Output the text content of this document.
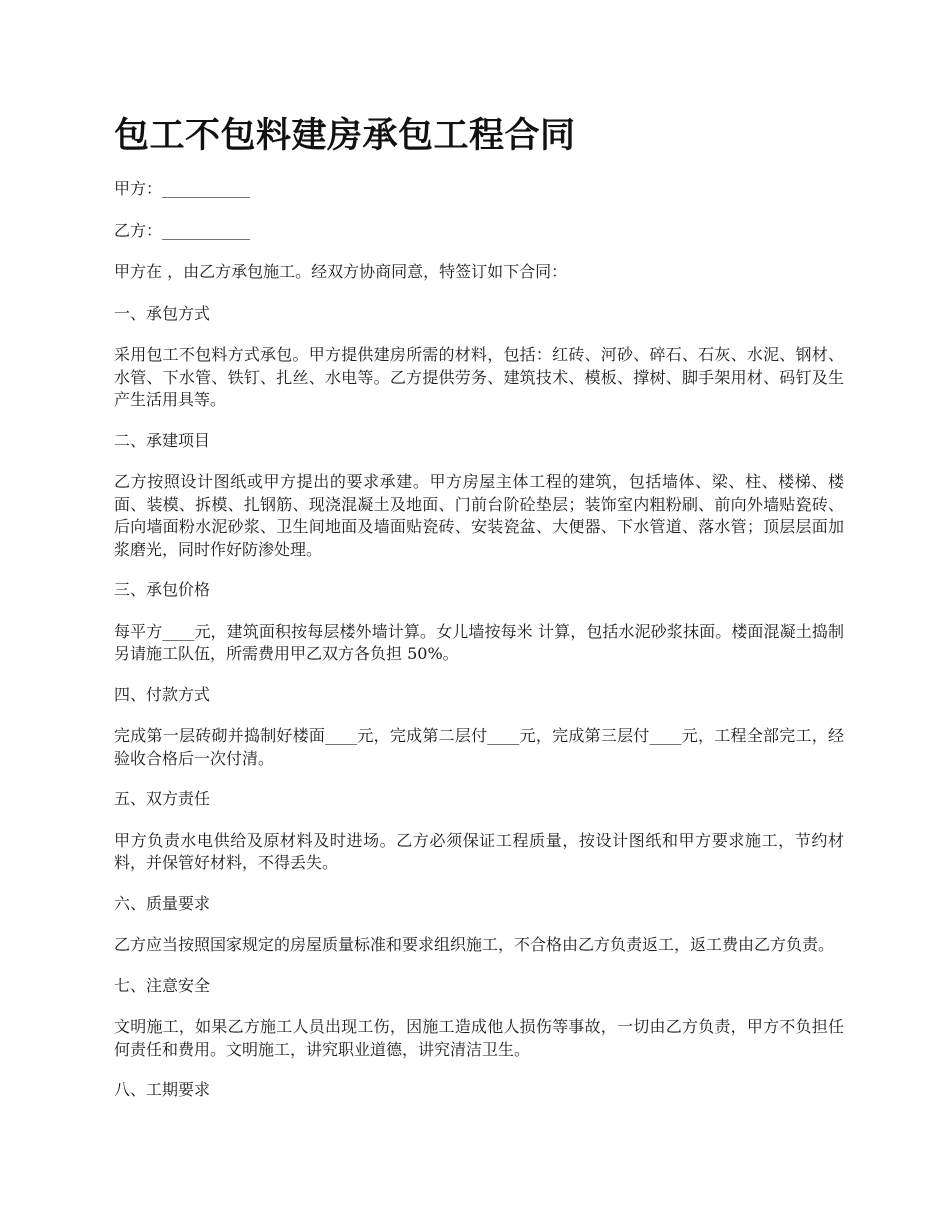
包工不包料建房承包工程合同

甲方：___________

乙方：___________

甲方在 ，由乙方承包施工。经双方协商同意，特签订如下合同：

一、承包方式

采用包工不包料方式承包。甲方提供建房所需的材料，包括：红砖、河砂、碎石、石灰、水泥、钢材、水管、下水管、铁钉、扎丝、水电等。乙方提供劳务、建筑技术、模板、撑树、脚手架用材、码钉及生产生活用具等。

二、承建项目

乙方按照设计图纸或甲方提出的要求承建。甲方房屋主体工程的建筑，包括墙体、梁、柱、楼梯、楼面、装模、拆模、扎钢筋、现浇混凝土及地面、门前台阶砼垫层；装饰室内粗粉刷、前向外墙贴瓷砖、后向墙面粉水泥砂浆、卫生间地面及墙面贴瓷砖、安装瓷盆、大便器、下水管道、落水管；顶层层面加浆磨光，同时作好防渗处理。

三、承包价格

每平方____元，建筑面积按每层楼外墙计算。女儿墙按每米 计算，包括水泥砂浆抹面。楼面混凝土捣制另请施工队伍，所需费用甲乙双方各负担 50%。

四、付款方式

完成第一层砖砌并捣制好楼面____元，完成第二层付____元，完成第三层付____元，工程全部完工，经验收合格后一次付清。

五、双方责任

甲方负责水电供给及原材料及时进场。乙方必须保证工程质量，按设计图纸和甲方要求施工，节约材料，并保管好材料，不得丢失。

六、质量要求

乙方应当按照国家规定的房屋质量标准和要求组织施工，不合格由乙方负责返工，返工费由乙方负责。

七、注意安全

文明施工，如果乙方施工人员出现工伤，因施工造成他人损伤等事故，一切由乙方负责，甲方不负担任何责任和费用。文明施工，讲究职业道德，讲究清洁卫生。

八、工期要求
